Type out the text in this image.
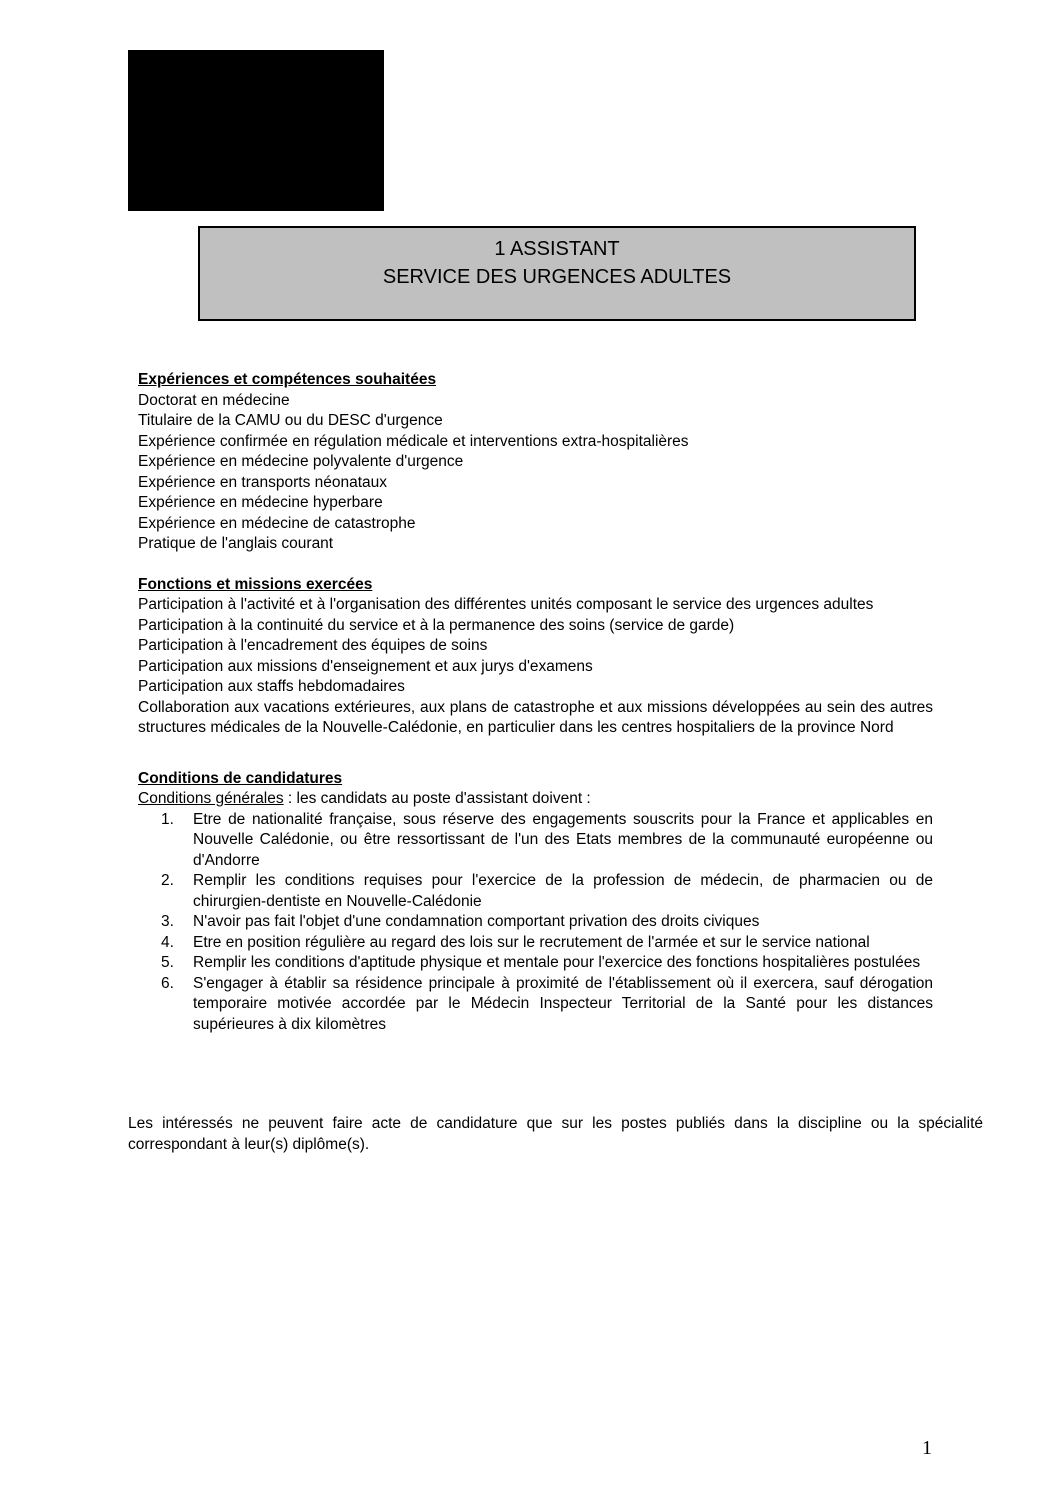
1 ASSISTANT
SERVICE DES URGENCES ADULTES
Expériences et compétences souhaitées
Doctorat en médecine
Titulaire de la CAMU ou du DESC d'urgence
Expérience confirmée en régulation médicale et interventions extra-hospitalières
Expérience en médecine polyvalente d'urgence
Expérience en transports néonataux
Expérience en médecine hyperbare
Expérience en médecine de catastrophe
Pratique de l'anglais courant
Fonctions et missions exercées
Participation à l'activité et à l'organisation des différentes unités composant le service des urgences adultes
Participation à la continuité du service et à la permanence des soins (service de garde)
Participation à l'encadrement des équipes de soins
Participation aux missions d'enseignement et aux jurys d'examens
Participation aux staffs hebdomadaires
Collaboration aux vacations extérieures, aux plans de catastrophe et aux missions développées au sein des autres structures médicales de la Nouvelle-Calédonie, en particulier dans les centres hospitaliers de la province Nord
Conditions de candidatures
Conditions générales : les candidats au poste d'assistant doivent :
1. Etre de nationalité française, sous réserve des engagements souscrits pour la France et applicables en Nouvelle Calédonie, ou être ressortissant de l'un des Etats membres de la communauté européenne ou d'Andorre
2. Remplir les conditions requises pour l'exercice de la profession de médecin, de pharmacien ou de chirurgien-dentiste en Nouvelle-Calédonie
3. N'avoir pas fait l'objet d'une condamnation comportant privation des droits civiques
4. Etre en position régulière au regard des lois sur le recrutement de l'armée et sur le service national
5. Remplir les conditions d'aptitude physique et mentale pour l'exercice des fonctions hospitalières postulées
6. S'engager à établir sa résidence principale à proximité de l'établissement où il exercera, sauf dérogation temporaire motivée accordée par le Médecin Inspecteur Territorial de la Santé pour les distances supérieures à dix kilomètres
Les intéressés ne peuvent faire acte de candidature que sur les postes publiés dans la discipline ou la spécialité correspondant à leur(s) diplôme(s).
1
